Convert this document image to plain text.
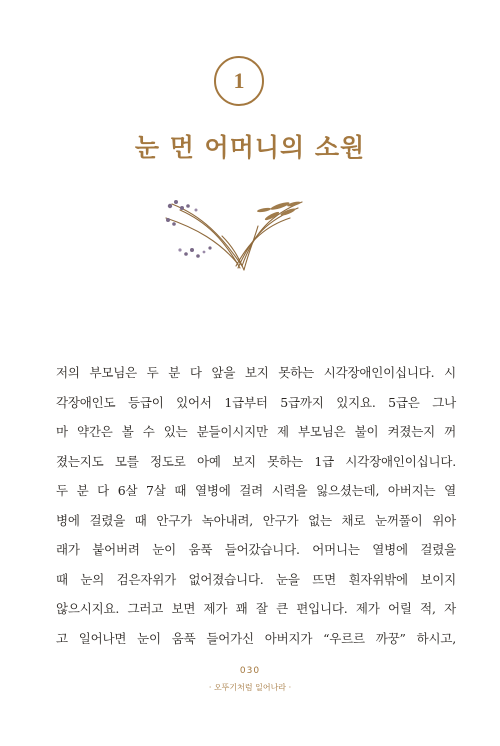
1
눈 먼 어머니의 소원
저의 부모님은 두 분 다 앞을 보지 못하는 시각장애인이십니다. 시
각장애인도 등급이 있어서 1급부터 5급까지 있지요. 5급은 그나
마 약간은 볼 수 있는 분들이시지만 제 부모님은 불이 켜졌는지 꺼
졌는지도 모를 정도로 아예 보지 못하는 1급 시각장애인이십니다.
두 분 다 6살 7살 때 열병에 걸려 시력을 잃으셨는데, 아버지는 열
병에 걸렸을 때 안구가 녹아내려, 안구가 없는 채로 눈꺼풀이 위아
래가 붙어버려 눈이 움푹 들어갔습니다. 어머니는 열병에 걸렸을
때 눈의 검은자위가 없어졌습니다. 눈을 뜨면 흰자위밖에 보이지
않으시지요. 그러고 보면 제가 꽤 잘 큰 편입니다. 제가 어릴 적, 자
고 일어나면 눈이 움푹 들어가신 아버지가 “우르르 까꿍” 하시고,
030
· 오뚜기처럼 일어나라 ·
